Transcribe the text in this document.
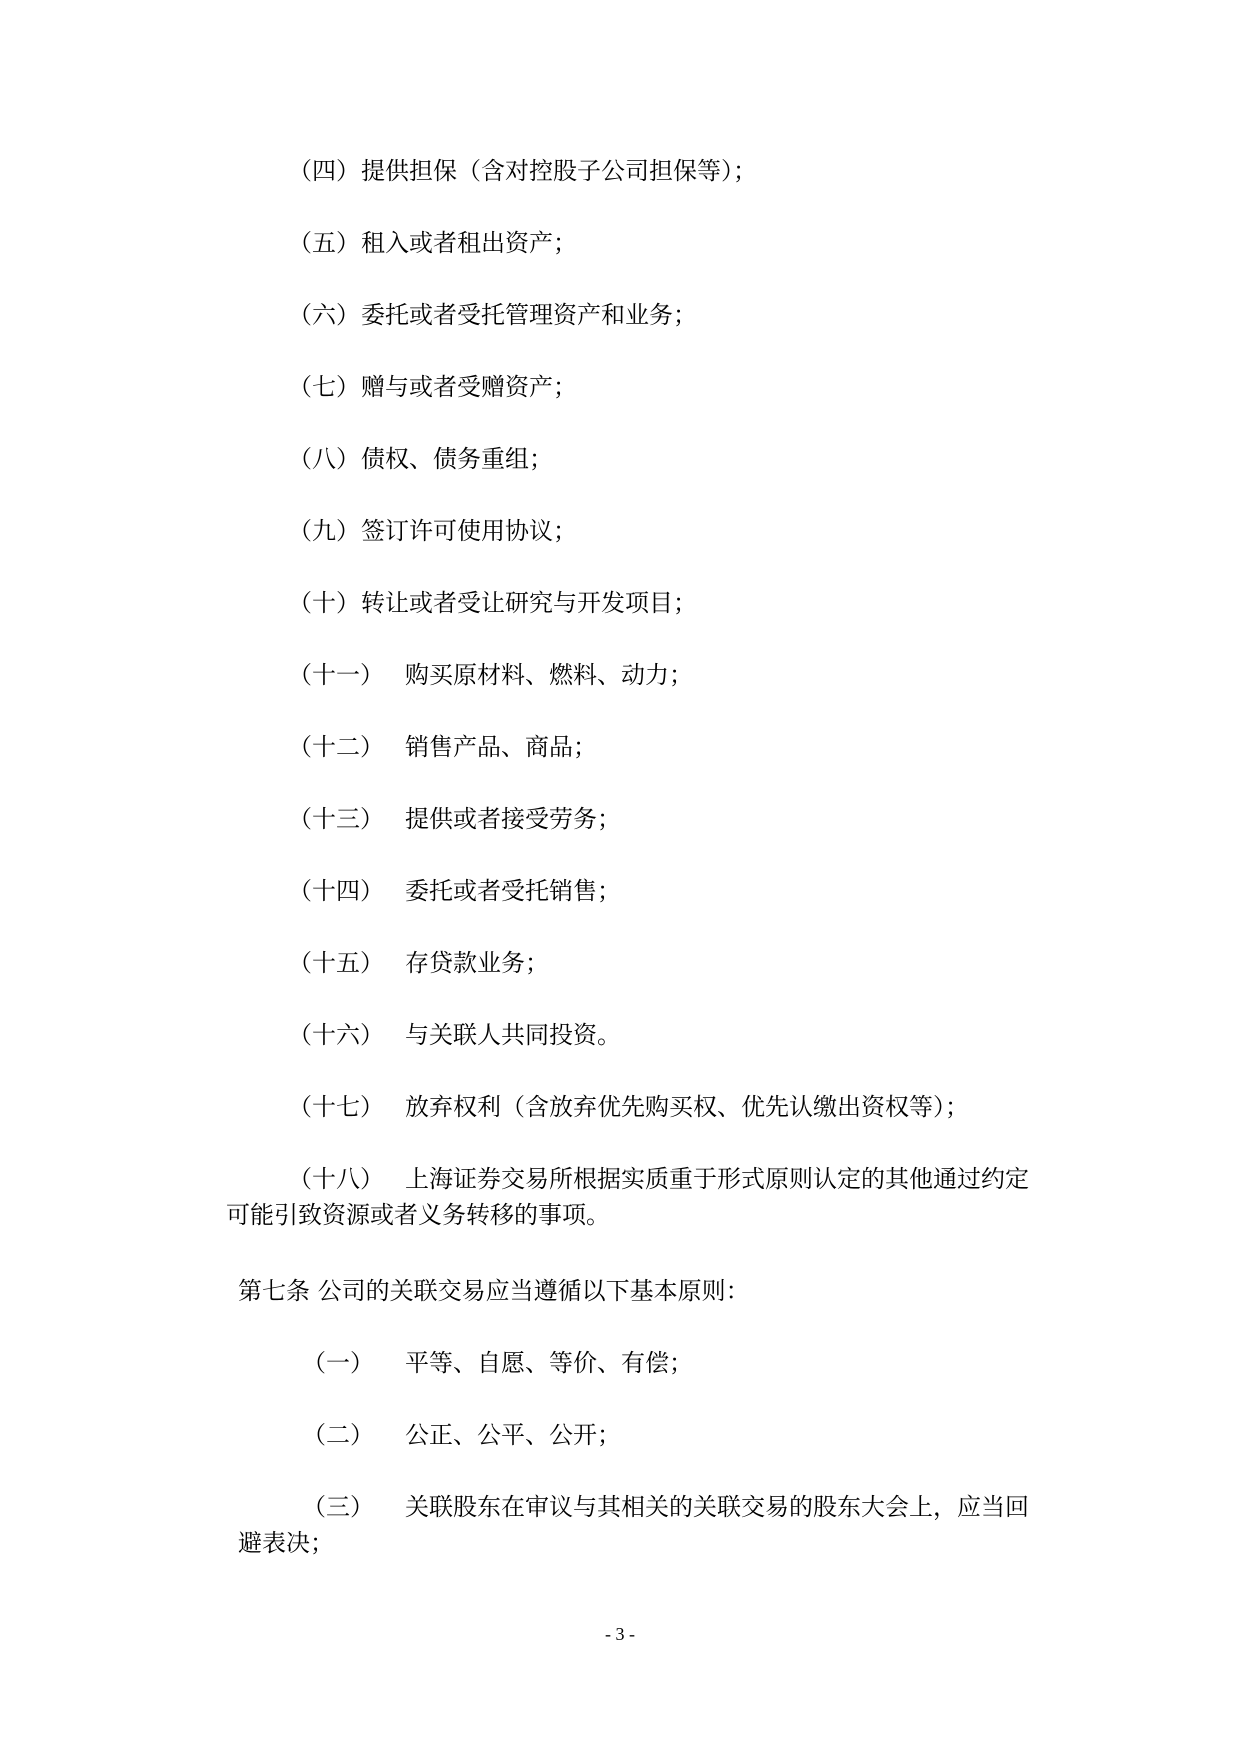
（四） 提供担保（含对控股子公司担保等）；
（五） 租入或者租出资产；
（六） 委托或者受托管理资产和业务；
（七） 赠与或者受赠资产；
（八） 债权、债务重组；
（九） 签订许可使用协议；
（十） 转让或者受让研究与开发项目；
（十一） 购买原材料、燃料、动力；
（十二） 销售产品、商品；
（十三） 提供或者接受劳务；
（十四） 委托或者受托销售；
（十五） 存贷款业务；
（十六） 与关联人共同投资。
（十七） 放弃权利（含放弃优先购买权、优先认缴出资权等）；
（十八） 上海证券交易所根据实质重于形式原则认定的其他通过约定
可能引致资源或者义务转移的事项。
第七条 公司的关联交易应当遵循以下基本原则：
（一） 平等、自愿、等价、有偿；
（二） 公正、公平、公开；
（三） 关联股东在审议与其相关的关联交易的股东大会上，应当回
避表决；
- 3 -
